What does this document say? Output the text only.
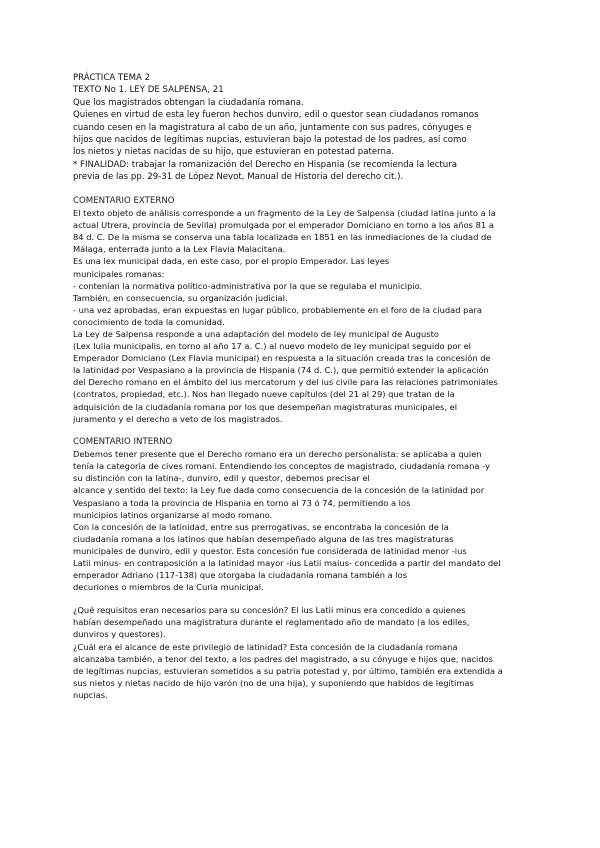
PRÁCTICA TEMA 2

TEXTO No 1. LEY DE SALPENSA, 21

Que los magistrados obtengan la ciudadanía romana.

Quienes en virtud de esta ley fueron hechos dunviro, edil o questor sean ciudadanos romanos

cuando cesen en la magistratura al cabo de un año, juntamente con sus padres, cónyuges e

hijos que nacidos de legítimas nupcias, estuvieran bajo la potestad de los padres, así como

los nietos y nietas nacidas de su hijo, que estuvieran en potestad paterna.

* FINALIDAD: trabajar la romanización del Derecho en Hispania (se recomienda la lectura

previa de las pp. 29-31 de López Nevot, Manual de Historia del derecho cit.).

COMENTARIO EXTERNO

El texto objeto de análisis corresponde a un fragmento de la Ley de Salpensa (ciudad latina junto a la

actual Utrera, provincia de Sevilla) promulgada por el emperador Domiciano en torno a los años 81 a

84 d. C. De la misma se conserva una tabla localizada en 1851 en las inmediaciones de la ciudad de

Málaga, enterrada junto a la Lex Flavia Malacitana.

Es una lex municipal dada, en este caso, por el propio Emperador. Las leyes

municipales romanas:

- contenían la normativa político-administrativa por la que se regulaba el municipio.

También, en consecuencia, su organización judicial.

- una vez aprobadas, eran expuestas en lugar público, probablemente en el foro de la ciudad para

conocimiento de toda la comunidad.

La Ley de Salpensa responde a una adaptación del modelo de ley municipal de Augusto

(Lex Iulia municipalis, en torno al año 17 a. C.) al nuevo modelo de ley municipal seguido por el

Emperador Domiciano (Lex Flavia municipal) en respuesta a la situación creada tras la concesión de

la latinidad por Vespasiano a la provincia de Hispania (74 d. C.), que permitió extender la aplicación

del Derecho romano en el ámbito del ius mercatorum y del ius civile para las relaciones patrimoniales

(contratos, propiedad, etc.). Nos han llegado nueve capítulos (del 21 al 29) que tratan de la

adquisición de la ciudadanía romana por los que desempeñan magistraturas municipales, el

juramento y el derecho a veto de los magistrados.

COMENTARIO INTERNO

Debemos tener presente que el Derecho romano era un derecho personalista: se aplicaba a quien

tenía la categoría de cives romani. Entendiendo los conceptos de magistrado, ciudadanía romana -y

su distinción con la latina-, dunviro, edil y questor, debemos precisar el

alcance y sentido del texto: la Ley fue dada como consecuencia de la concesión de la latinidad por

Vespasiano a toda la provincia de Hispania en torno al 73 ó 74, permitiendo a los

municipios latinos organizarse al modo romano.

Con la concesión de la latinidad, entre sus prerrogativas, se encontraba la concesión de la

ciudadanía romana a los latinos que habían desempeñado alguna de las tres magistraturas

municipales de dunviro, edil y questor. Esta concesión fue considerada de latinidad menor -ius

Latii minus- en contraposición a la latinidad mayor -ius Latii maius- concedida a partir del mandato del

emperador Adriano (117-138) que otorgaba la ciudadanía romana también a los

decuriones o miembros de la Curia municipal.

¿Qué requisitos eran necesarios para su concesión? El ius Latii minus era concedido a quienes

habían desempeñado una magistratura durante el reglamentado año de mandato (a los ediles,

dunviros y questores).

¿Cuál era el alcance de este privilegio de latinidad? Esta concesión de la ciudadanía romana

alcanzaba también, a tenor del texto, a los padres del magistrado, a su cónyuge e hijos que, nacidos

de legítimas nupcias, estuvieran sometidos a su patria potestad y, por último, también era extendida a

sus nietos y nietas nacido de hijo varón (no de una hija), y suponiendo que habidos de legítimas

nupcias.
